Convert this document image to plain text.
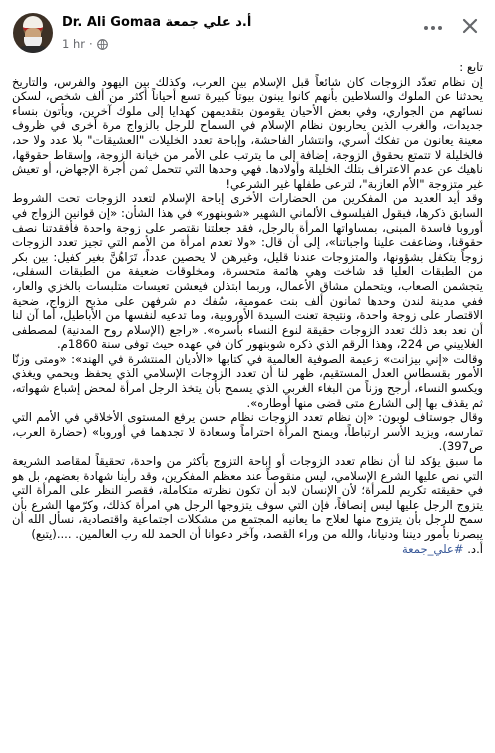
Dr. Ali Gomaa أ.د علي جمعة
1 hr ·

تابع :

إن نظام تعدّد الزوجات كان شائعاً قبل الإسلام بين العرب، وكذلك بين اليهود والفرس، والتاريخ يحدثنا عن الملوك والسلاطين بأنهم كانوا يبنون بيوتاً كبيرة تسع أحياناً أكثر من ألف شخص، لسكن نسائهم من الجواري، وفي بعض الأحيان يقومون بتقديمهن كهدايا إلى ملوك آخرين، ويأتون بنساء جديدات، والغرب الذين يحاربون نظام الإسلام في السماح للرجل بالزواج مرة أخرى في ظروف معينة يعانون من تفكك أسري، وانتشار الفاحشة، وإباحة تعدد الخليلات "العشيقات" بلا عدد ولا حد، فالخليلة لا تتمتع بحقوق الزوجة، إضافة إلى ما يترتب على الأمر من خيانة الزوجة، وإسقاط حقوقها، ناهيك عن عدم الاعتراف بتلك الخليلة وأولادها. فهي وحدها التي تتحمل ثمن أجرة الإجهاض، أو تعيش غير متزوجة "الأم العازبة"، لترعى طفلها غير الشرعي!

وقد أيد العديد من المفكرين من الحضارات الأخرى إباحة الإسلام لتعدد الزوجات تحت الشروط السابق ذكرها، فيقول الفيلسوف الألماني الشهير «شوبنهور» في هذا الشأن: «إن قوانين الزواج في أوروبا فاسدة المبنى، بمساواتها المرأة بالرجل، فقد جعلتنا نقتصر على زوجة واحدة فأفقدتنا نصف حقوقنا، وضاعفت علينا واجباتنا»، إلى أن قال: «ولا تعدم امرأة من الأمم التي تجيز تعدد الزوجات زوجاً يتكفل بشؤونها، والمتزوجات عندنا قليل، وغيرهن لا يحصين عدداً، تَرَاهُنَّ بغير كفيل: بين بكر من الطبقات العليا قد شاخت وهي هائمة متحسرة، ومخلوقات ضعيفة من الطبقات السفلى، يتجشمن الصعاب، ويتحملن مشاق الأعمال، وربما ابتذلن فيعشن تعيسات متلبسات بالخزي والعار، ففي مدينة لندن وحدها ثمانون ألف بنت عمومية، سُفك دم شرفهن على مذبح الزواج، ضحية الاقتصار على زوجة واحدة، ونتيجة تعنت السيدة الأوروبية، وما تدعيه لنفسها من الأباطيل، أما آن لنا أن نعد بعد ذلك تعدد الزوجات حقيقة لنوع النساء بأسره». «راجع (الإسلام روح المدنية) لمصطفى الغلاييني ص 224، وهذا الرقم الذي ذكره شوبنهور كان في عهده حيث توفى سنة 1860م.

وقالت «إني بيزانت» زعيمة الصوفية العالمية في كتابها «الأديان المنتشرة في الهند»: «ومتى وزنّا الأمور بقسطاس العدل المستقيم، ظهر لنا أن تعدد الزوجات الإسلامي الذي يحفظ ويحمي ويغذي ويكسو النساء، أرجح وزناً من البغاء الغربي الذي يسمح بأن يتخذ الرجل امرأة لمحض إشباع شهواته، ثم يقذف بها إلى الشارع متى قضى منها أوطاره».

وقال جوستاف لوبون: «إن نظام تعدد الزوجات نظام حسن يرفع المستوى الأخلاقي في الأمم التي تمارسه، ويزيد الأسر ارتباطاً، ويمنح المرأة احتراماً وسعادة لا تجدهما في أوروبا» (حضارة العرب، ص397).

ما سبق يؤكد لنا أن نظام تعدد الزوجات أو إباحة التزوج بأكثر من واحدة، تحقيقاً لمقاصد الشريعة التي نص عليها الشرع الإسلامي، ليس منقوصاً عند معظم المفكرين، وقد رأينا شهادة بعضهم، بل هو في حقيقته تكريم للمرأة؛ لأن الإنسان لابد أن تكون نظرته متكاملة، فقصر النظر على المرأة التي يتزوج الرجل عليها ليس إنصافاً، فإن التي سوف يتزوجها الرجل هي امرأة كذلك، وكرّمها الشرع بأن سمح للرجل بأن يتزوج منها لعلاج ما يعانيه المجتمع من مشكلات اجتماعية واقتصادية، نسأل الله أن يبصرنا بأمور ديننا ودنيانا، والله من وراء القصد، وآخر دعوانا أن الحمد لله رب العالمين. ....(يتبع)

أ.د. #علي_جمعة
